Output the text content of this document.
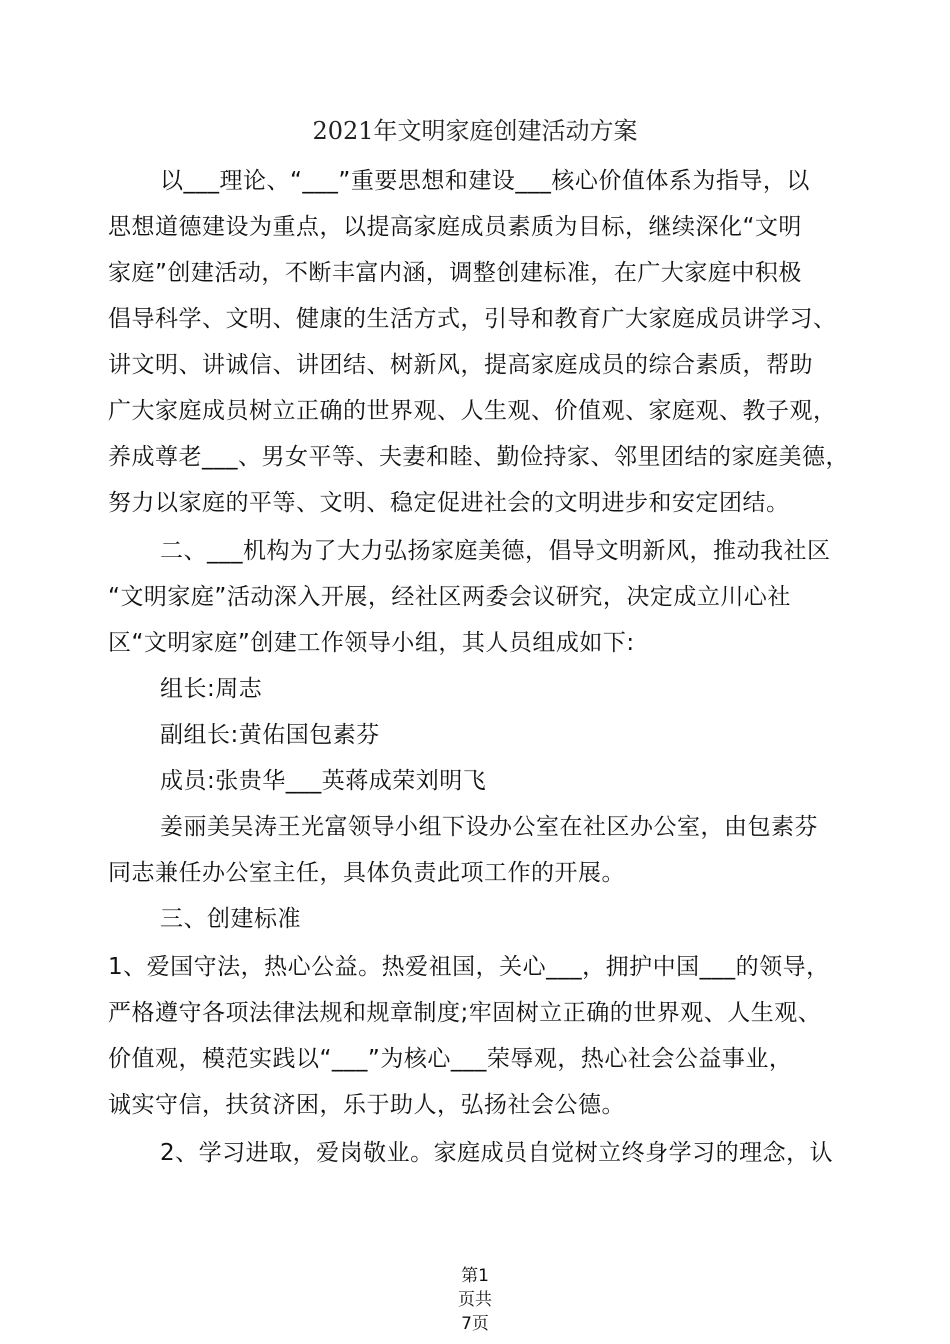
2021年文明家庭创建活动方案
以___理论、“___”重要思想和建设___核心价值体系为指导，以
思想道德建设为重点，以提高家庭成员素质为目标，继续深化“文明
家庭”创建活动，不断丰富内涵，调整创建标准，在广大家庭中积极
倡导科学、文明、健康的生活方式，引导和教育广大家庭成员讲学习、
讲文明、讲诚信、讲团结、树新风，提高家庭成员的综合素质，帮助
广大家庭成员树立正确的世界观、人生观、价值观、家庭观、教子观，
养成尊老___、男女平等、夫妻和睦、勤俭持家、邻里团结的家庭美德，
努力以家庭的平等、文明、稳定促进社会的文明进步和安定团结。
二、___机构为了大力弘扬家庭美德，倡导文明新风，推动我社区
“文明家庭”活动深入开展，经社区两委会议研究，决定成立川心社
区“文明家庭”创建工作领导小组，其人员组成如下:
组长:周志
副组长:黄佑国包素芬
成员:张贵华___英蒋成荣刘明飞
姜丽美吴涛王光富领导小组下设办公室在社区办公室，由包素芬
同志兼任办公室主任，具体负责此项工作的开展。
三、创建标准
1、爱国守法，热心公益。热爱祖国，关心___，拥护中国___的领导，
严格遵守各项法律法规和规章制度;牢固树立正确的世界观、人生观、
价值观，模范实践以“___”为核心___荣辱观，热心社会公益事业，
诚实守信，扶贫济困，乐于助人，弘扬社会公德。
2、学习进取，爱岗敬业。家庭成员自觉树立终身学习的理念，认
第1
页共
7页
